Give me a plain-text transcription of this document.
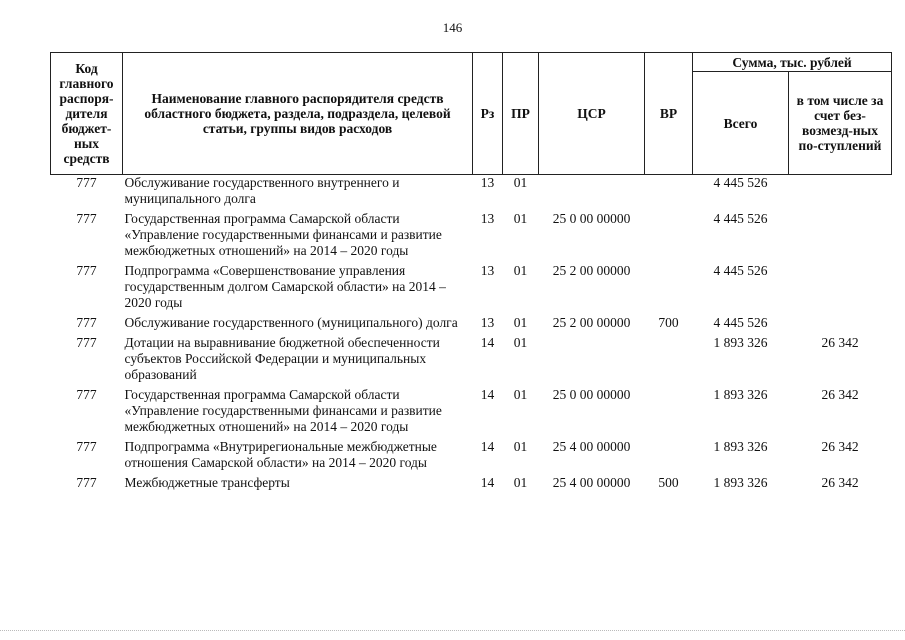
146
Код главного распоря-дителя бюджет-ных средств	Наименование главного распорядителя средств областного бюджета, раздела, подраздела, целевой статьи, группы видов расходов	Рз	ПР	ЦСР	ВР	Сумма, тыс. рублей	
						Всего	в том числе за счет без-возмезд-ных по-ступлений
777	Обслуживание государственного внутреннего и муниципального долга	13	01			4 445 526	
777	Государственная программа Самарской области «Управление государственными финансами и развитие межбюджетных отношений» на 2014 – 2020 годы	13	01	25 0 00 00000		4 445 526	
777	Подпрограмма «Совершенствование управления государственным долгом Самарской области» на 2014 – 2020 годы	13	01	25 2 00 00000		4 445 526	
777	Обслуживание государственного (муниципального) долга	13	01	25 2 00 00000	700	4 445 526	
777	Дотации на выравнивание бюджетной обеспеченности субъектов Российской Федерации и муниципальных образований	14	01			1 893 326	26 342
777	Государственная программа Самарской области «Управление государственными финансами и развитие межбюджетных отношений» на 2014 – 2020 годы	14	01	25 0 00 00000		1 893 326	26 342
777	Подпрограмма «Внутрирегиональные межбюджетные отношения Самарской области» на 2014 – 2020 годы	14	01	25 4 00 00000		1 893 326	26 342
777	Межбюджетные трансферты	14	01	25 4 00 00000	500	1 893 326	26 342
